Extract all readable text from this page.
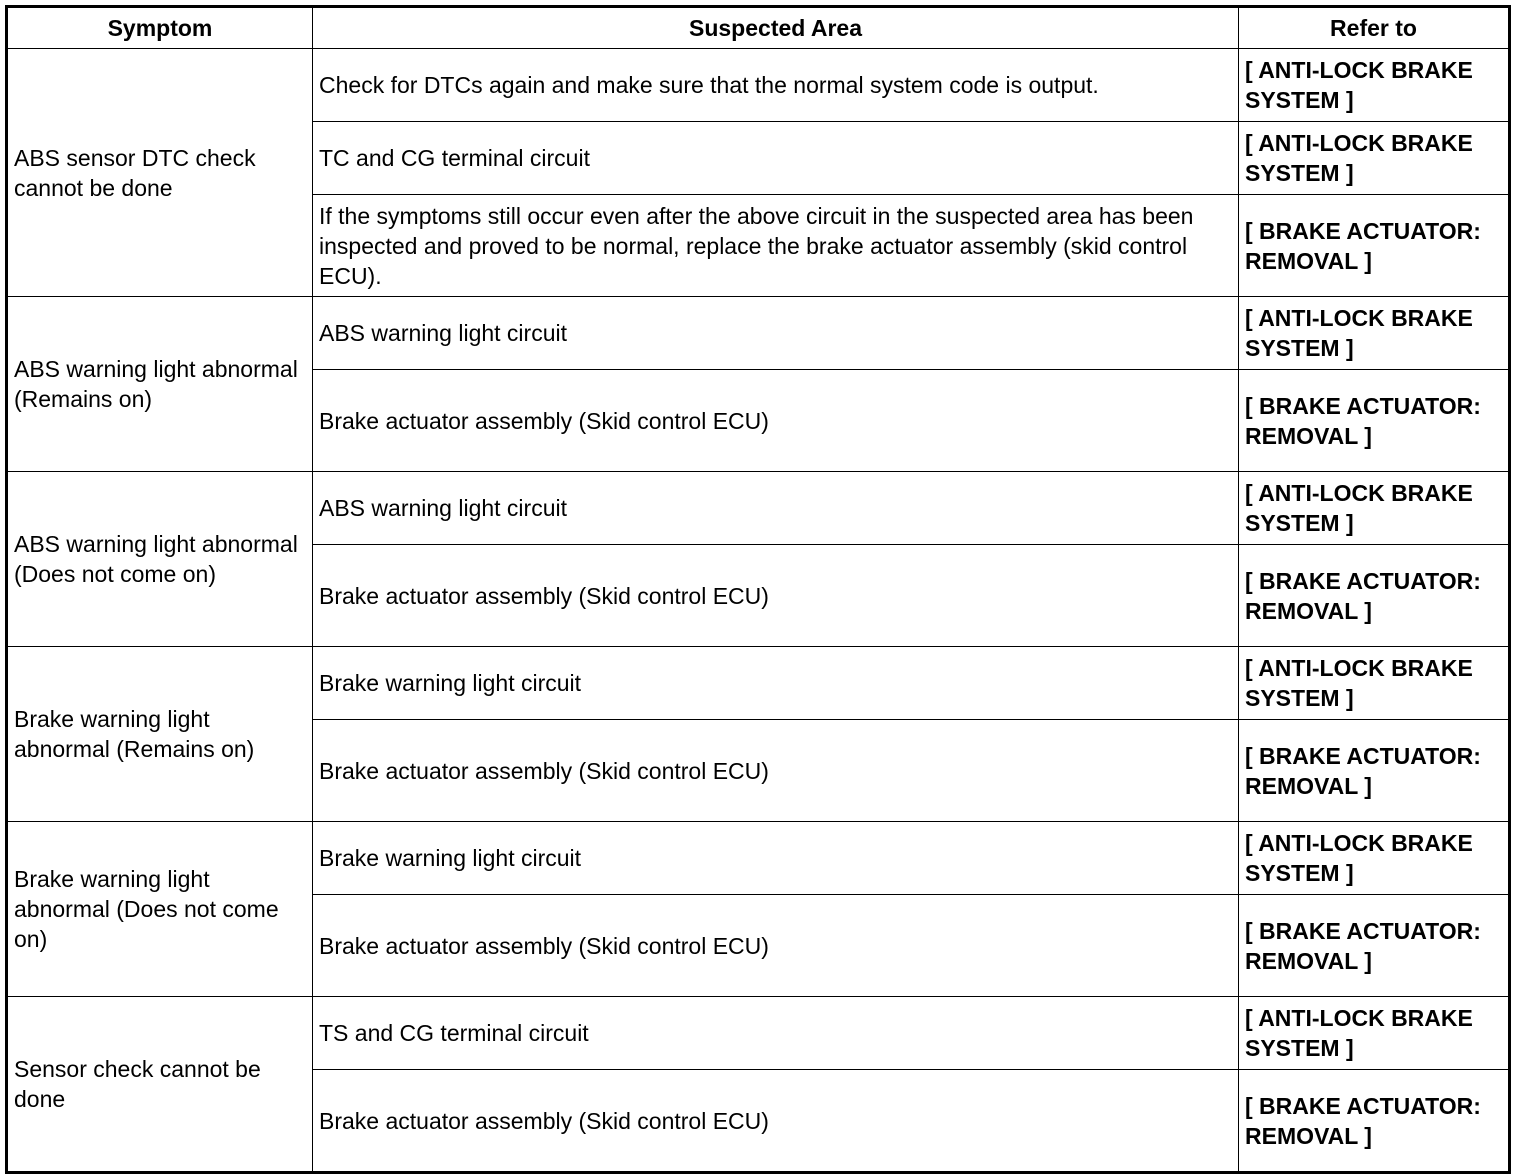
Symptom	Suspected Area	Refer to
ABS sensor DTC check cannot be done	Check for DTCs again and make sure that the normal system code is output.	[ ANTI-LOCK BRAKE SYSTEM ]
	TC and CG terminal circuit	[ ANTI-LOCK BRAKE SYSTEM ]
	If the symptoms still occur even after the above circuit in the suspected area has been inspected and proved to be normal, replace the brake actuator assembly (skid control ECU).	[ BRAKE ACTUATOR: REMOVAL ]
ABS warning light abnormal (Remains on)	ABS warning light circuit	[ ANTI-LOCK BRAKE SYSTEM ]
	Brake actuator assembly (Skid control ECU)	[ BRAKE ACTUATOR: REMOVAL ]
ABS warning light abnormal (Does not come on)	ABS warning light circuit	[ ANTI-LOCK BRAKE SYSTEM ]
	Brake actuator assembly (Skid control ECU)	[ BRAKE ACTUATOR: REMOVAL ]
Brake warning light abnormal (Remains on)	Brake warning light circuit	[ ANTI-LOCK BRAKE SYSTEM ]
	Brake actuator assembly (Skid control ECU)	[ BRAKE ACTUATOR: REMOVAL ]
Brake warning light abnormal (Does not come on)	Brake warning light circuit	[ ANTI-LOCK BRAKE SYSTEM ]
	Brake actuator assembly (Skid control ECU)	[ BRAKE ACTUATOR: REMOVAL ]
Sensor check cannot be done	TS and CG terminal circuit	[ ANTI-LOCK BRAKE SYSTEM ]
	Brake actuator assembly (Skid control ECU)	[ BRAKE ACTUATOR: REMOVAL ]
